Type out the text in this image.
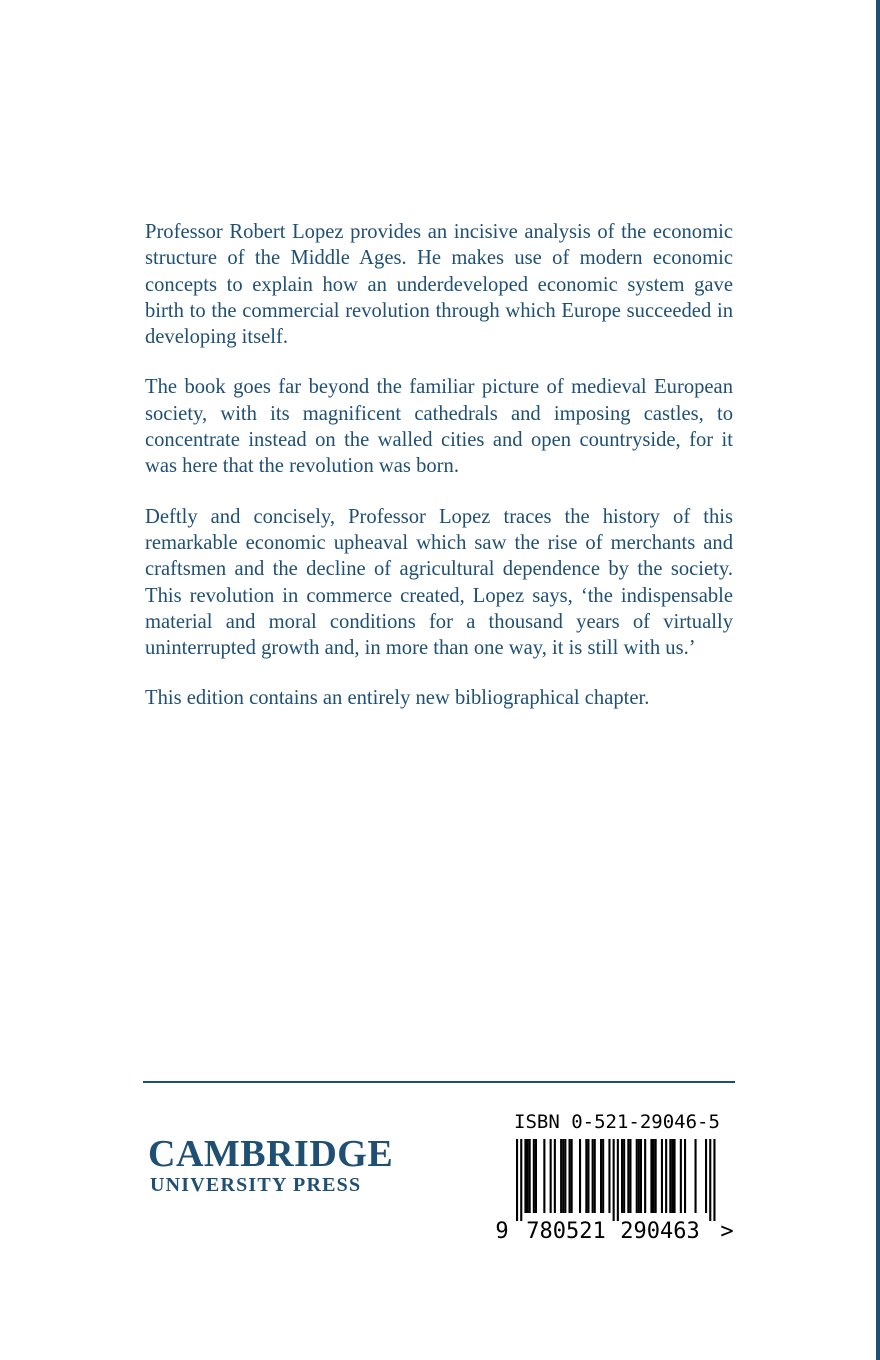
Professor Robert Lopez provides an incisive analysis of the economic structure of the Middle Ages. He makes use of modern economic concepts to explain how an underdeveloped economic system gave birth to the commercial revolution through which Europe succeeded in developing itself.

The book goes far beyond the familiar picture of medieval European society, with its magnificent cathedrals and imposing castles, to concentrate instead on the walled cities and open countryside, for it was here that the revolution was born.

Deftly and concisely, Professor Lopez traces the history of this remarkable economic upheaval which saw the rise of merchants and craftsmen and the decline of agricultural dependence by the society. This revolution in commerce created, Lopez says, ‘the indispensable material and moral conditions for a thousand years of virtually uninterrupted growth and, in more than one way, it is still with us.’

This edition contains an entirely new bibliographical chapter.

CAMBRIDGE
UNIVERSITY PRESS
ISBN 0-521-29046-5
9 780521 290463 >
